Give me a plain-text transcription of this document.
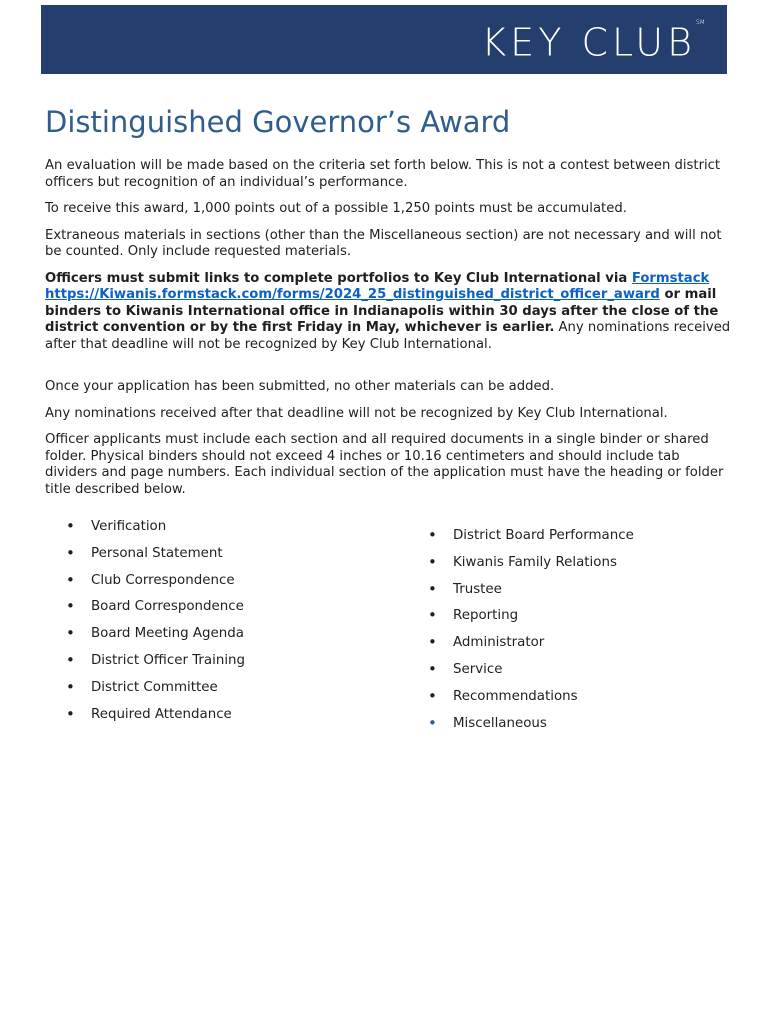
KEY CLUB℠
Distinguished Governor’s Award

An evaluation will be made based on the criteria set forth below. This is not a contest between district officers but recognition of an individual’s performance.

To receive this award, 1,000 points out of a possible 1,250 points must be accumulated.

Extraneous materials in sections (other than the Miscellaneous section) are not necessary and will not be counted. Only include requested materials.

Officers must submit links to complete portfolios to Key Club International via Formstack
https://Kiwanis.formstack.com/forms/2024_25_distinguished_district_officer_award or mail binders to Kiwanis International office in Indianapolis within 30 days after the close of the district convention or by the first Friday in May, whichever is earlier. Any nominations received after that deadline will not be recognized by Key Club International.

Once your application has been submitted, no other materials can be added.

Any nominations received after that deadline will not be recognized by Key Club International.

Officer applicants must include each section and all required documents in a single binder or shared folder. Physical binders should not exceed 4 inches or 10.16 centimeters and should include tab dividers and page numbers. Each individual section of the application must have the heading or folder title described below.

• Verification
• Personal Statement
• Club Correspondence
• Board Correspondence
• Board Meeting Agenda
• District Officer Training
• District Committee
• Required Attendance
• District Board Performance
• Kiwanis Family Relations
• Trustee
• Reporting
• Administrator
• Service
• Recommendations
• Miscellaneous
